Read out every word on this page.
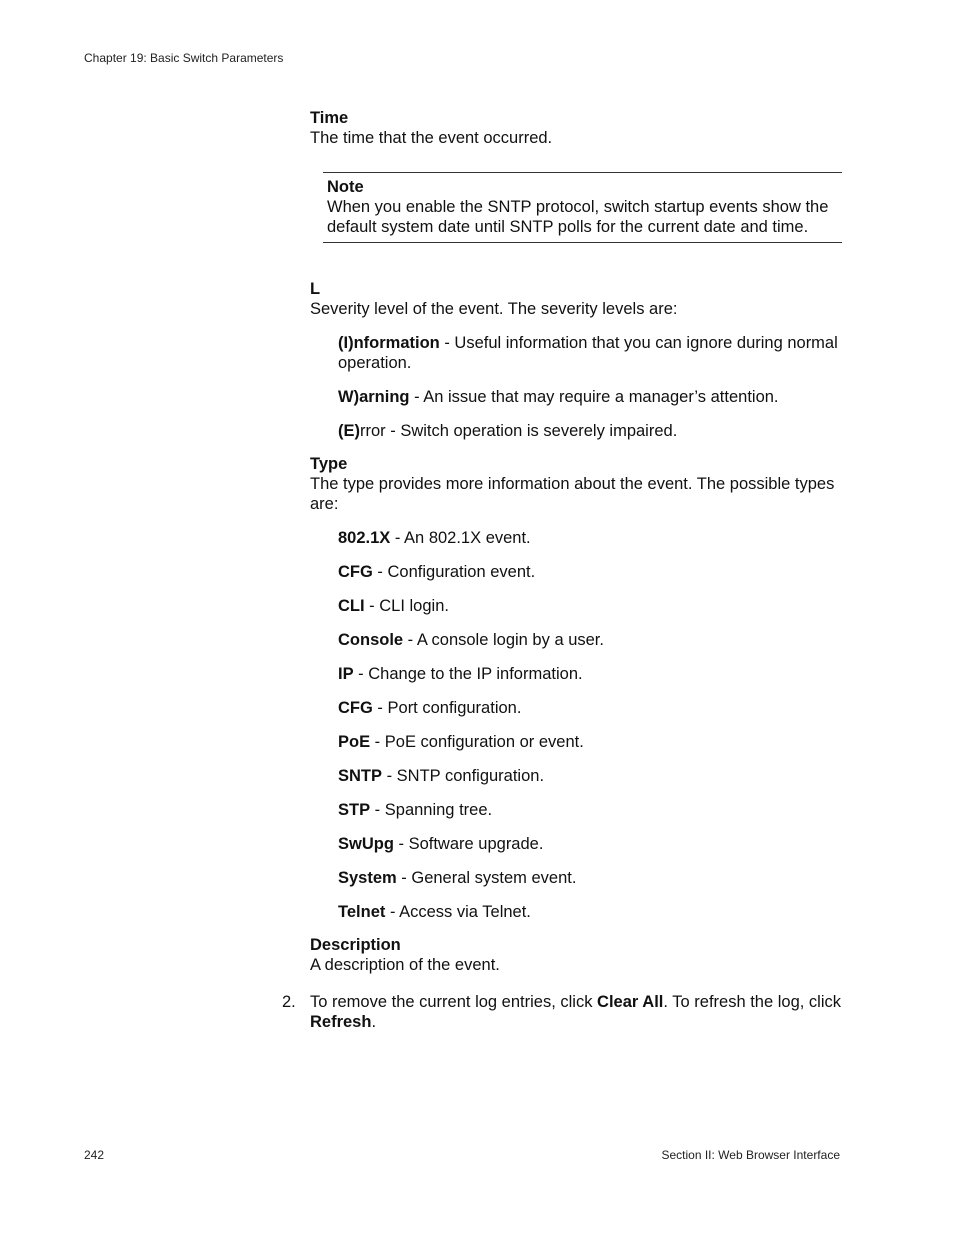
Chapter 19: Basic Switch Parameters

Time

The time that the event occurred.

Note
When you enable the SNTP protocol, switch startup events show the default system date until SNTP polls for the current date and time.

L

Severity level of the event. The severity levels are:

(I)nformation - Useful information that you can ignore during normal operation.
W)arning - An issue that may require a manager’s attention.
(E)rror - Switch operation is severely impaired.

Type

The type provides more information about the event. The possible types are:

802.1X - An 802.1X event.
CFG - Configuration event.
CLI - CLI login.
Console - A console login by a user.
IP - Change to the IP information.
CFG - Port configuration.
PoE - PoE configuration or event.
SNTP - SNTP configuration.
STP - Spanning tree.
SwUpg - Software upgrade.
System - General system event.
Telnet - Access via Telnet.

Description

A description of the event.

2. To remove the current log entries, click Clear All. To refresh the log, click Refresh.
242	Section II: Web Browser Interface
